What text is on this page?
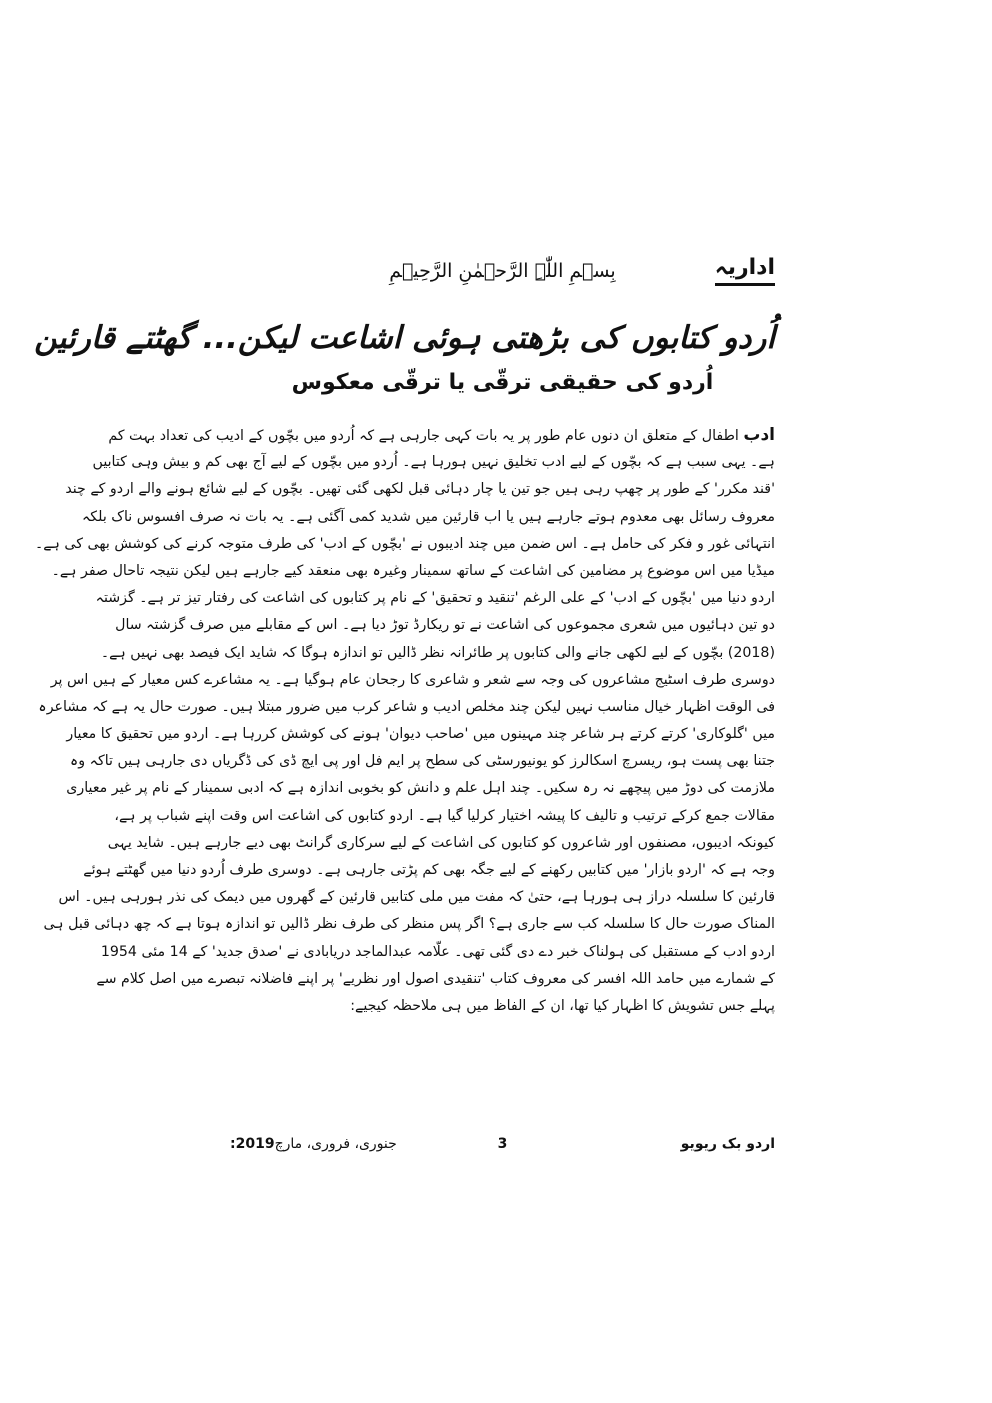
اداریہ
بِسۡمِ اللّٰہِ الرَّحۡمٰنِ الرَّحِیۡمِ
اُردو کتابوں کی بڑھتی ہوئی اشاعت لیکن... گھٹتے قارئین
اُردو کی حقیقی ترقّی یا ترقّی معکوس
ادب اطفال کے متعلق ان دنوں عام طور پر یہ بات کہی جارہی ہے کہ اُردو میں بچّوں کے ادیب کی تعداد بہت کم
ہے۔ یہی سبب ہے کہ بچّوں کے لیے ادب تخلیق نہیں ہورہا ہے۔ اُردو میں بچّوں کے لیے آج بھی کم و بیش وہی کتابیں
'قند مکرر' کے طور پر چھپ رہی ہیں جو تین یا چار دہائی قبل لکھی گئی تھیں۔ بچّوں کے لیے شائع ہونے والے اردو کے چند
معروف رسائل بھی معدوم ہوتے جارہے ہیں یا اب قارئین میں شدید کمی آگئی ہے۔ یہ بات نہ صرف افسوس ناک بلکہ
انتہائی غور و فکر کی حامل ہے۔ اس ضمن میں چند ادیبوں نے 'بچّوں کے ادب' کی طرف متوجہ کرنے کی کوشش بھی کی ہے۔
میڈیا میں اس موضوع پر مضامین کی اشاعت کے ساتھ سمینار وغیرہ بھی منعقد کیے جارہے ہیں لیکن نتیجہ تاحال صفر ہے۔
اردو دنیا میں 'بچّوں کے ادب' کے علی الرغم 'تنقید و تحقیق' کے نام پر کتابوں کی اشاعت کی رفتار تیز تر ہے۔ گزشتہ
دو تین دہائیوں میں شعری مجموعوں کی اشاعت نے تو ریکارڈ توڑ دیا ہے۔ اس کے مقابلے میں صرف گزشتہ سال
(2018) بچّوں کے لیے لکھی جانے والی کتابوں پر طائرانہ نظر ڈالیں تو اندازہ ہوگا کہ شاید ایک فیصد بھی نہیں ہے۔
دوسری طرف اسٹیج مشاعروں کی وجہ سے شعر و شاعری کا رجحان عام ہوگیا ہے۔ یہ مشاعرے کس معیار کے ہیں اس پر
فی الوقت اظہار خیال مناسب نہیں لیکن چند مخلص ادیب و شاعر کرب میں ضرور مبتلا ہیں۔ صورت حال یہ ہے کہ مشاعرہ
میں 'گلوکاری' کرتے کرتے ہر شاعر چند مہینوں میں 'صاحب دیوان' ہونے کی کوشش کررہا ہے۔ اردو میں تحقیق کا معیار
جتنا بھی پست ہو، ریسرچ اسکالرز کو یونیورسٹی کی سطح پر ایم فل اور پی ایچ ڈی کی ڈگریاں دی جارہی ہیں تاکہ وہ
ملازمت کی دوڑ میں پیچھے نہ رہ سکیں۔ چند اہل علم و دانش کو بخوبی اندازہ ہے کہ ادبی سمینار کے نام پر غیر معیاری
مقالات جمع کرکے ترتیب و تالیف کا پیشہ اختیار کرلیا گیا ہے۔ اردو کتابوں کی اشاعت اس وقت اپنے شباب پر ہے،
کیونکہ ادیبوں، مصنفوں اور شاعروں کو کتابوں کی اشاعت کے لیے سرکاری گرانٹ بھی دیے جارہے ہیں۔ شاید یہی
وجہ ہے کہ 'اردو بازار' میں کتابیں رکھنے کے لیے جگہ بھی کم پڑتی جارہی ہے۔ دوسری طرف اُردو دنیا میں گھٹتے ہوئے
قارئین کا سلسلہ دراز ہی ہورہا ہے، حتیٰ کہ مفت میں ملی کتابیں قارئین کے گھروں میں دیمک کی نذر ہورہی ہیں۔ اس
المناک صورت حال کا سلسلہ کب سے جاری ہے؟ اگر پس منظر کی طرف نظر ڈالیں تو اندازہ ہوتا ہے کہ چھ دہائی قبل ہی
اردو ادب کے مستقبل کی ہولناک خبر دے دی گئی تھی۔ علّامہ عبدالماجد دریابادی نے 'صدق جدید' کے 14 مئی 1954
کے شمارے میں حامد اللہ افسر کی معروف کتاب 'تنقیدی اصول اور نظریے' پر اپنے فاضلانہ تبصرے میں اصل کلام سے
پہلے جس تشویش کا اظہار کیا تھا، ان کے الفاظ میں ہی ملاحظہ کیجیے:
اردو بک ریویو
3
جنوری، فروری، مارچ2019:
